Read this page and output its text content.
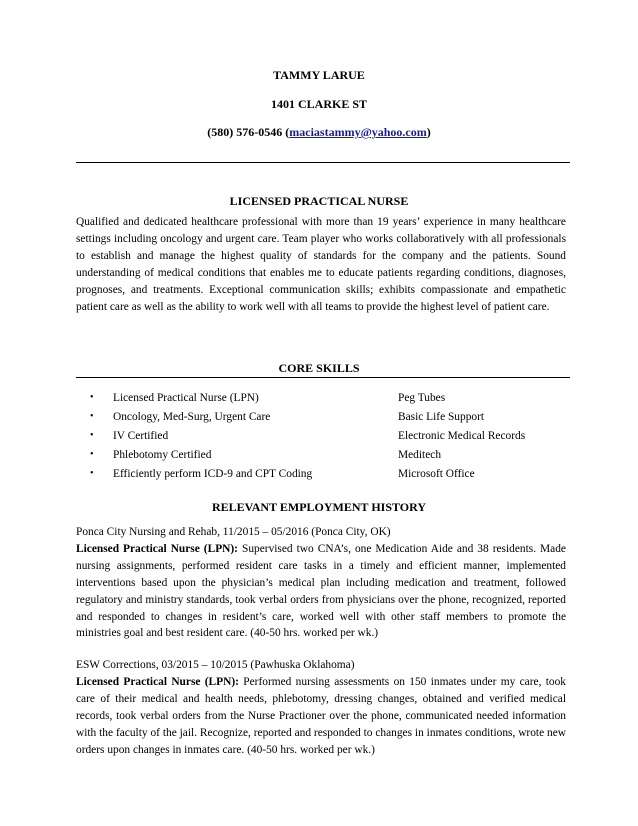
TAMMY LARUE
1401 CLARKE ST
(580) 576-0546 (maciastammy@yahoo.com)
LICENSED PRACTICAL NURSE
Qualified and dedicated healthcare professional with more than 19 years’ experience in many healthcare settings including oncology and urgent care. Team player who works collaboratively with all professionals to establish and manage the highest quality of standards for the company and the patients. Sound understanding of medical conditions that enables me to educate patients regarding conditions, diagnoses, prognoses, and treatments. Exceptional communication skills; exhibits compassionate and empathetic patient care as well as the ability to work well with all teams to provide the highest level of patient care.
CORE SKILLS
• Licensed Practical Nurse (LPN)	Peg Tubes
• Oncology, Med-Surg, Urgent Care	Basic Life Support
• IV Certified	Electronic Medical Records
• Phlebotomy Certified	Meditech
• Efficiently perform ICD-9 and CPT Coding	Microsoft Office
RELEVANT EMPLOYMENT HISTORY
Ponca City Nursing and Rehab, 11/2015 – 05/2016 (Ponca City, OK)
Licensed Practical Nurse (LPN): Supervised two CNA’s, one Medication Aide and 38 residents. Made nursing assignments, performed resident care tasks in a timely and efficient manner, implemented interventions based upon the physician’s medical plan including medication and treatment, followed regulatory and ministry standards, took verbal orders from physicians over the phone, recognized, reported and responded to changes in resident’s care, worked well with other staff members to promote the ministries goal and best resident care. (40-50 hrs. worked per wk.)
ESW Corrections, 03/2015 – 10/2015 (Pawhuska Oklahoma)
Licensed Practical Nurse (LPN): Performed nursing assessments on 150 inmates under my care, took care of their medical and health needs, phlebotomy, dressing changes, obtained and verified medical records, took verbal orders from the Nurse Practioner over the phone, communicated needed information with the faculty of the jail. Recognize, reported and responded to changes in inmates conditions, wrote new orders upon changes in inmates care. (40-50 hrs. worked per wk.)
